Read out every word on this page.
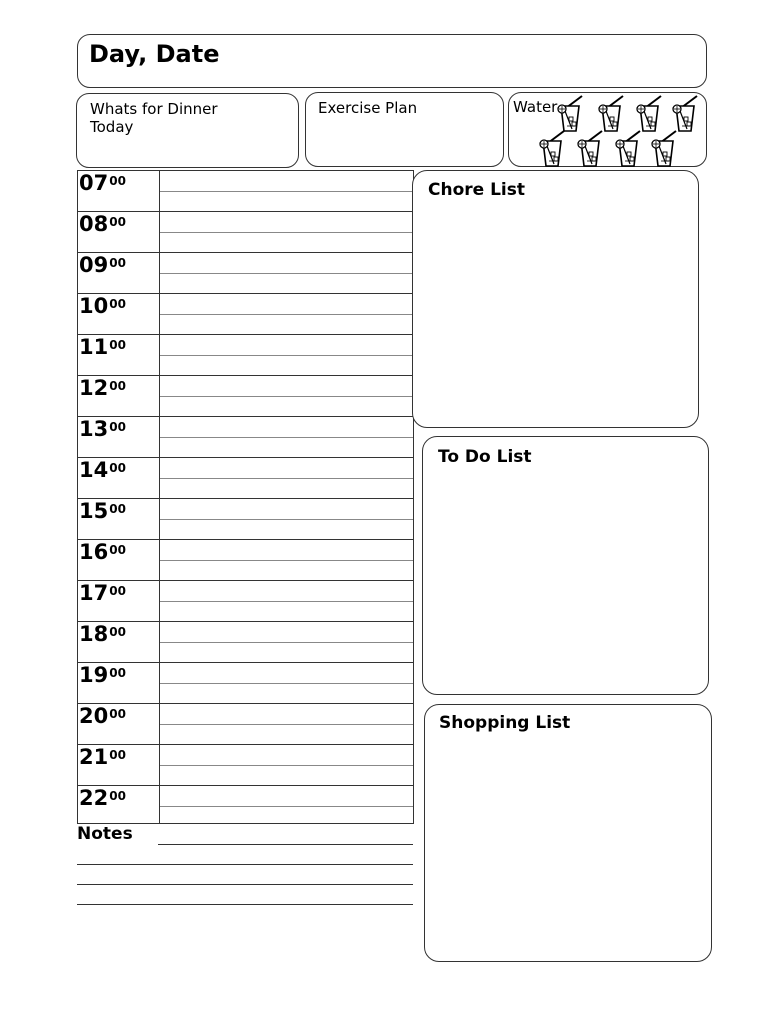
Day, Date
Whats for Dinner Today
Exercise Plan	Water
$07^{00}$
$08^{00}$
$09^{00}$
$10^{00}$
$11^{00}$
$12^{00}$
$13^{00}$
$14^{00}$
$15^{00}$
$16^{00}$
$17^{00}$
$18^{00}$
$19^{00}$
$20^{00}$
$21^{00}$
$22^{00}$
Notes
Chore List
To Do List
Shopping List
